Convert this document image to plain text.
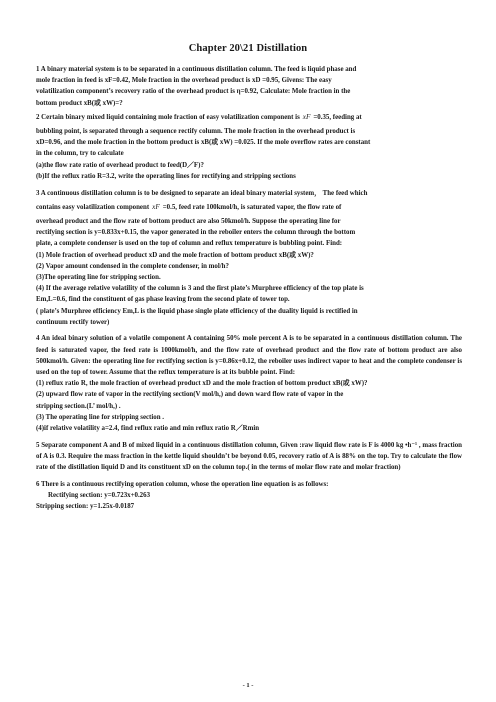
Chapter 20\21 Distillation

1 A binary material system is to be separated in a continuous distillation column. The feed is liquid phase and

mole fraction in feed is xF=0.42, Mole fraction in the overhead product is xD =0.95, Givens: The easy

volatilization component’s recovery ratio of the overhead product is η=0.92, Calculate: Mole fraction in the

bottom product xB(或 xW)=?

2 Certain binary mixed liquid containing mole fraction of easy volatilization component is xF =0.35, feeding at

bubbling point, is separated through a sequence rectify column. The mole fraction in the overhead product is

xD=0.96, and the mole fraction in the bottom product is xB(或 xW) =0.025. If the mole overflow rates are constant

in the column, try to calculate

(a)the flow rate ratio of overhead product to feed(D／F)?

(b)If the reflux ratio R=3.2, write the operating lines for rectifying and stripping sections

3 A continuous distillation column is to be designed to separate an ideal binary material system， The feed which

contains easy volatilization component xF =0.5, feed rate 100kmol/h, is saturated vapor, the flow rate of

overhead product and the flow rate of bottom product are also 50kmol/h. Suppose the operating line for

rectifying section is y=0.833x+0.15, the vapor generated in the reboiler enters the column through the bottom

plate, a complete condenser is used on the top of column and reflux temperature is bubbling point. Find:

(1) Mole fraction of overhead product xD and the mole fraction of bottom product xB(或 xW)?

(2) Vapor amount condensed in the complete condenser, in mol/h?

(3)The operating line for stripping section.

(4) If the average relative volatility of the column is 3 and the first plate’s Murphree efficiency of the top plate is

Em,L=0.6, find the constituent of gas phase leaving from the second plate of tower top.

( plate’s Murphree efficiency Em,L is the liquid phase single plate efficiency of the duality liquid is rectified in

continuum rectify tower)

4 An ideal binary solution of a volatile component A containing 50% mole percent A is to be separated in a continuous distillation column. The feed is saturated vapor, the feed rate is 1000kmol/h, and the flow rate of overhead product and the flow rate of bottom product are also 500kmol/h. Given: the operating line for rectifying section is y=0.86x+0.12, the reboiler uses indirect vapor to heat and the complete condenser is used on the top of tower. Assume that the reflux temperature is at its bubble point. Find:

(1) reflux ratio R, the mole fraction of overhead product xD and the mole fraction of bottom product xB(或 xW)?

(2) upward flow rate of vapor in the rectifying section(V mol/h,) and down ward flow rate of vapor in the

stripping section.(L’ mol/h,) .

(3) The operating line for stripping section .

(4)if relative volatility a=2.4, find reflux ratio and min reflux ratio R／Rmin

5 Separate component A and B of mixed liquid in a continuous distillation column, Given :raw liquid flow rate is F is 4000 kg •h⁻¹ , mass fraction of A is 0.3. Require the mass fraction in the kettle liquid shouldn’t be beyond 0.05, recovery ratio of A is 88% on the top. Try to calculate the flow rate of the distillation liquid D and its constituent xD on the column top.( in the terms of molar flow rate and molar fraction)

6 There is a continuous rectifying operation column, whose the operation line equation is as follows:

Rectifying section: y=0.723x+0.263

Stripping section: y=1.25x-0.0187

- 1 -
